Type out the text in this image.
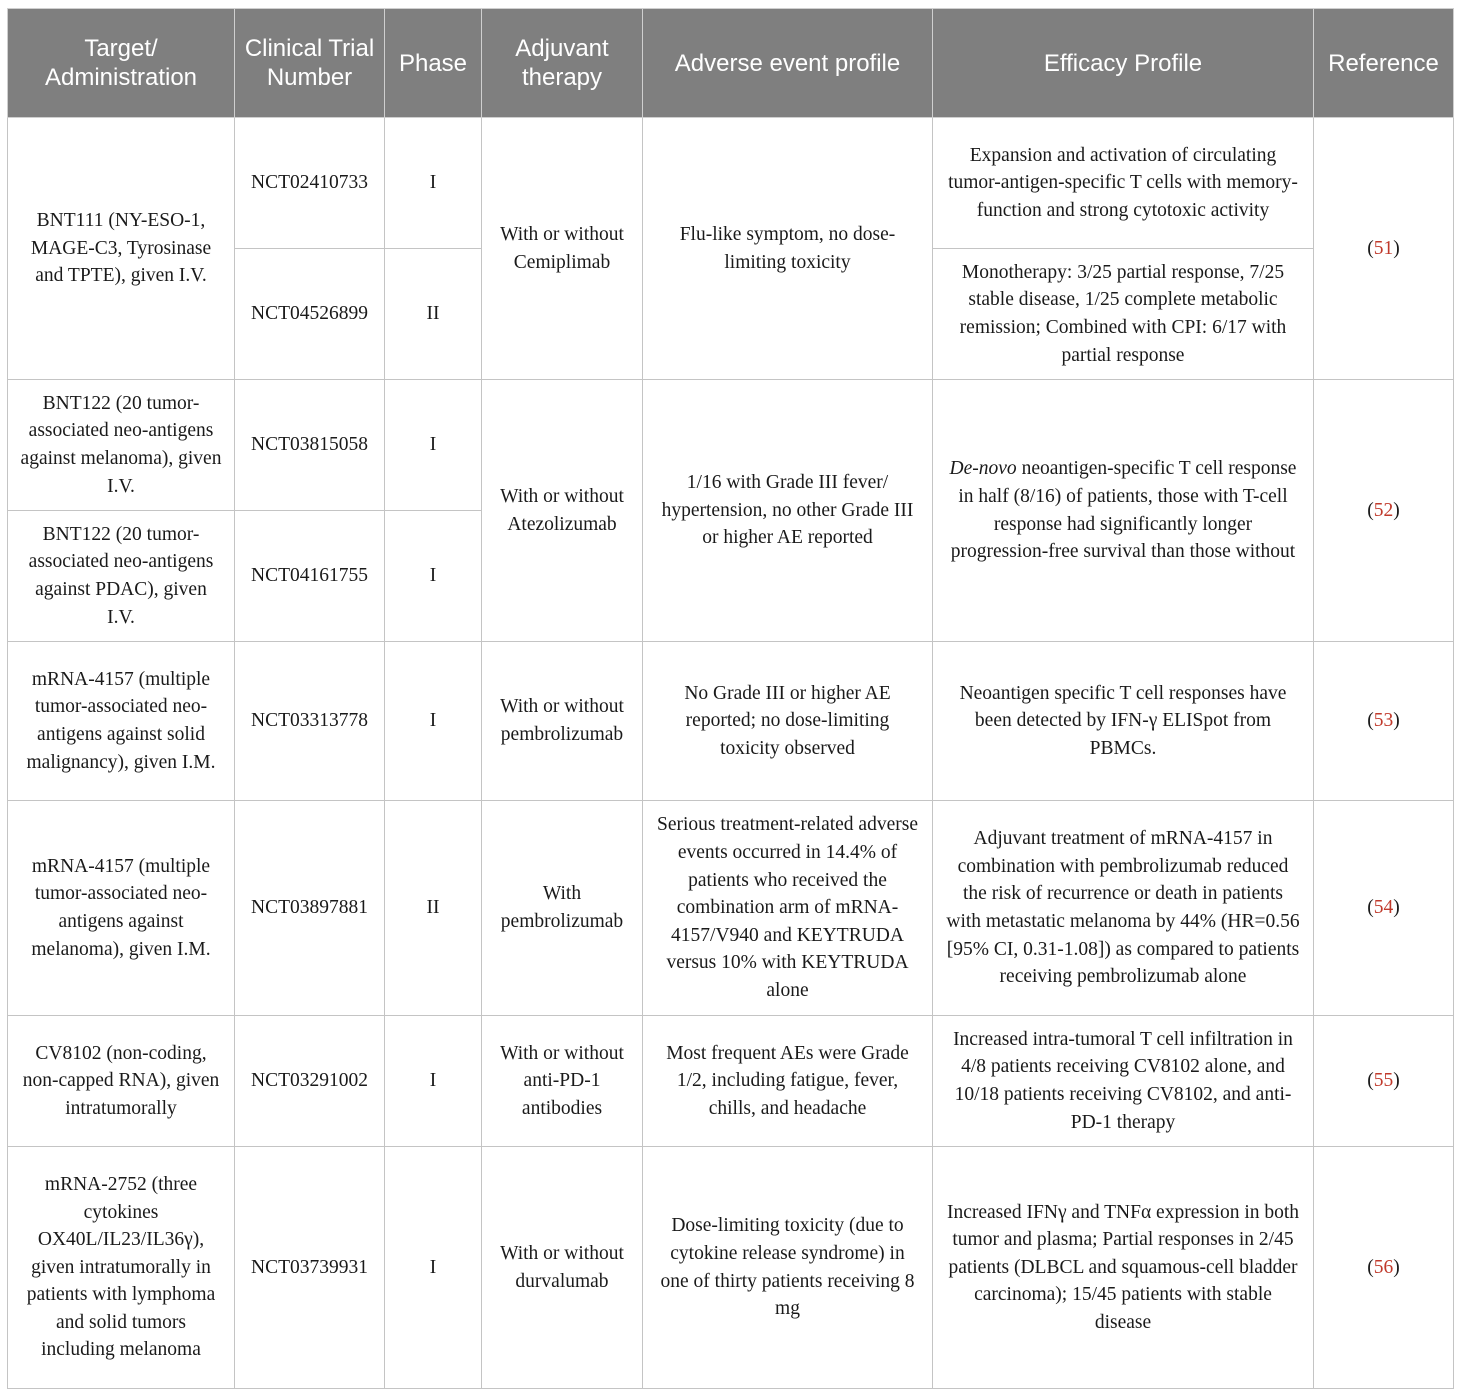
Target/ Administration	Clinical Trial Number	Phase	Adjuvant therapy	Adverse event profile	Efficacy Profile	Reference
BNT111 (NY-ESO-1, MAGE-C3, Tyrosinase and TPTE), given I.V.	NCT02410733	I	With or without Cemiplimab	Flu-like symptom, no dose-limiting toxicity	Expansion and activation of circulating tumor-antigen-specific T cells with memory-function and strong cytotoxic activity	(51)
	NCT04526899	II			Monotherapy: 3/25 partial response, 7/25 stable disease, 1/25 complete metabolic remission; Combined with CPI: 6/17 with partial response	
BNT122 (20 tumor-associated neo-antigens against melanoma), given I.V.	NCT03815058	I	With or without Atezolizumab	1/16 with Grade III fever/ hypertension, no other Grade III or higher AE reported	De-novo neoantigen-specific T cell response in half (8/16) of patients, those with T-cell response had significantly longer progression-free survival than those without	(52)
BNT122 (20 tumor-associated neo-antigens against PDAC), given I.V.	NCT04161755	I				
mRNA-4157 (multiple tumor-associated neo-antigens against solid malignancy), given I.M.	NCT03313778	I	With or without pembrolizumab	No Grade III or higher AE reported; no dose-limiting toxicity observed	Neoantigen specific T cell responses have been detected by IFN-γ ELISpot from PBMCs.	(53)
mRNA-4157 (multiple tumor-associated neo-antigens against melanoma), given I.M.	NCT03897881	II	With pembrolizumab	Serious treatment-related adverse events occurred in 14.4% of patients who received the combination arm of mRNA-4157/V940 and KEYTRUDA versus 10% with KEYTRUDA alone	Adjuvant treatment of mRNA-4157 in combination with pembrolizumab reduced the risk of recurrence or death in patients with metastatic melanoma by 44% (HR=0.56 [95% CI, 0.31-1.08]) as compared to patients receiving pembrolizumab alone	(54)
CV8102 (non-coding, non-capped RNA), given intratumorally	NCT03291002	I	With or without anti-PD-1 antibodies	Most frequent AEs were Grade 1/2, including fatigue, fever, chills, and headache	Increased intra-tumoral T cell infiltration in 4/8 patients receiving CV8102 alone, and 10/18 patients receiving CV8102, and anti-PD-1 therapy	(55)
mRNA-2752 (three cytokines OX40L/IL23/IL36γ), given intratumorally in patients with lymphoma and solid tumors including melanoma	NCT03739931	I	With or without durvalumab	Dose-limiting toxicity (due to cytokine release syndrome) in one of thirty patients receiving 8 mg	Increased IFNγ and TNFα expression in both tumor and plasma; Partial responses in 2/45 patients (DLBCL and squamous-cell bladder carcinoma); 15/45 patients with stable disease	(56)
